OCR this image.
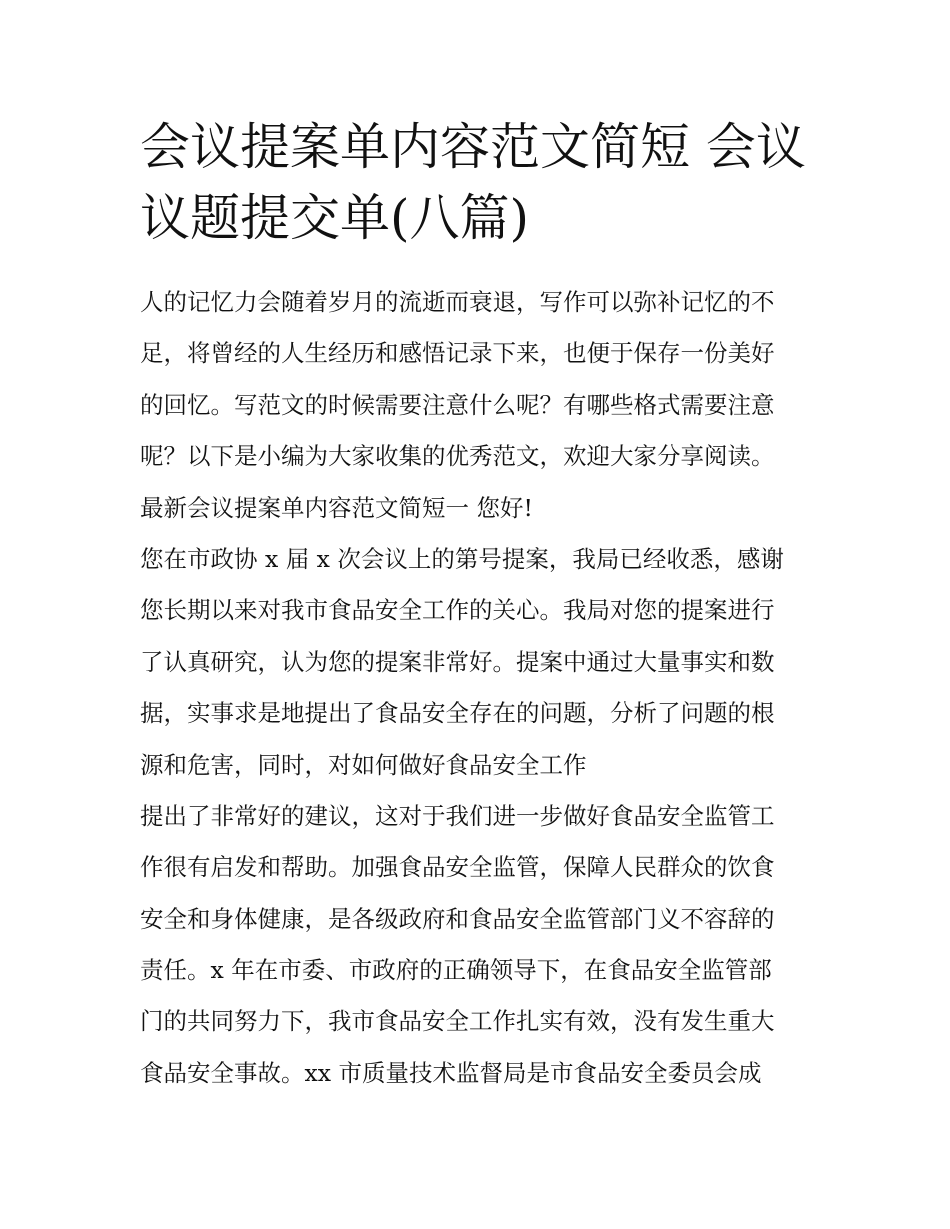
会议提案单内容范文简短 会议
议题提交单(八篇)
人的记忆力会随着岁月的流逝而衰退，写作可以弥补记忆的不
足，将曾经的人生经历和感悟记录下来，也便于保存一份美好
的回忆。写范文的时候需要注意什么呢？有哪些格式需要注意
呢？以下是小编为大家收集的优秀范文，欢迎大家分享阅读。
最新会议提案单内容范文简短一 您好!
您在市政协 x 届 x 次会议上的第号提案，我局已经收悉，感谢
您长期以来对我市食品安全工作的关心。我局对您的提案进行
了认真研究，认为您的提案非常好。提案中通过大量事实和数
据，实事求是地提出了食品安全存在的问题，分析了问题的根
源和危害，同时，对如何做好食品安全工作
提出了非常好的建议，这对于我们进一步做好食品安全监管工
作很有启发和帮助。加强食品安全监管，保障人民群众的饮食
安全和身体健康，是各级政府和食品安全监管部门义不容辞的
责任。x 年在市委、市政府的正确领导下，在食品安全监管部
门的共同努力下，我市食品安全工作扎实有效，没有发生重大
食品安全事故。xx 市质量技术监督局是市食品安全委员会成
